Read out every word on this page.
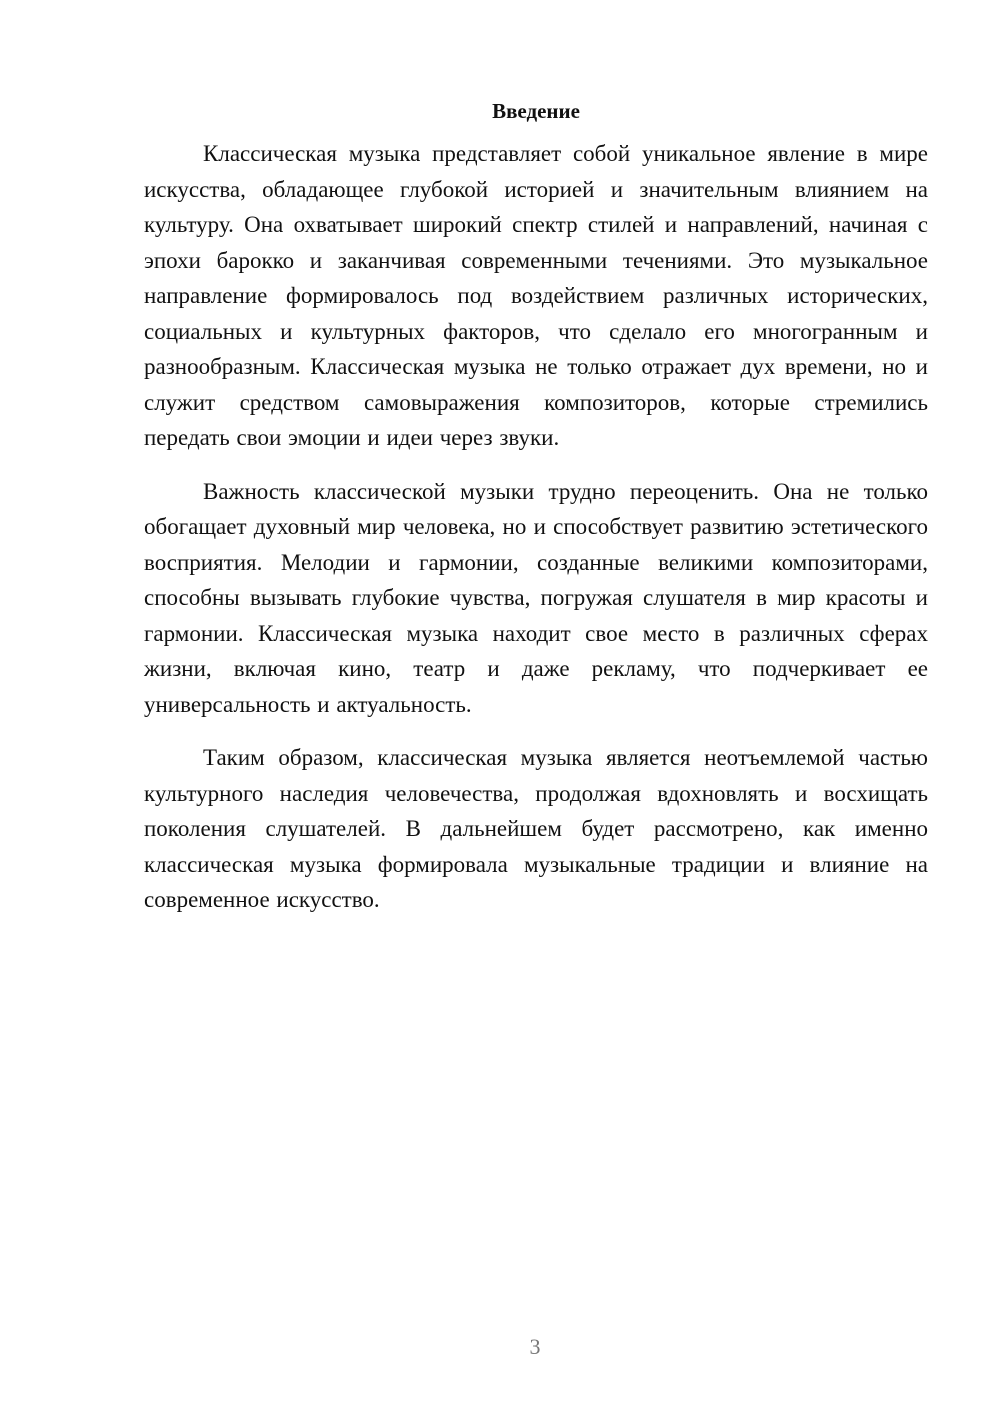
Введение

Классическая музыка представляет собой уникальное явление в мире искусства, обладающее глубокой историей и значительным влиянием на культуру. Она охватывает широкий спектр стилей и направлений, начиная с эпохи барокко и заканчивая современными течениями. Это музыкальное направление формировалось под воздействием различных исторических, социальных и культурных факторов, что сделало его многогранным и разнообразным. Классическая музыка не только отражает дух времени, но и служит средством самовыражения композиторов, которые стремились передать свои эмоции и идеи через звуки.

Важность классической музыки трудно переоценить. Она не только обогащает духовный мир человека, но и способствует развитию эстетического восприятия. Мелодии и гармонии, созданные великими композиторами, способны вызывать глубокие чувства, погружая слушателя в мир красоты и гармонии. Классическая музыка находит свое место в различных сферах жизни, включая кино, театр и даже рекламу, что подчеркивает ее универсальность и актуальность.

Таким образом, классическая музыка является неотъемлемой частью культурного наследия человечества, продолжая вдохновлять и восхищать поколения слушателей. В дальнейшем будет рассмотрено, как именно классическая музыка формировала музыкальные традиции и влияние на современное искусство.

3
